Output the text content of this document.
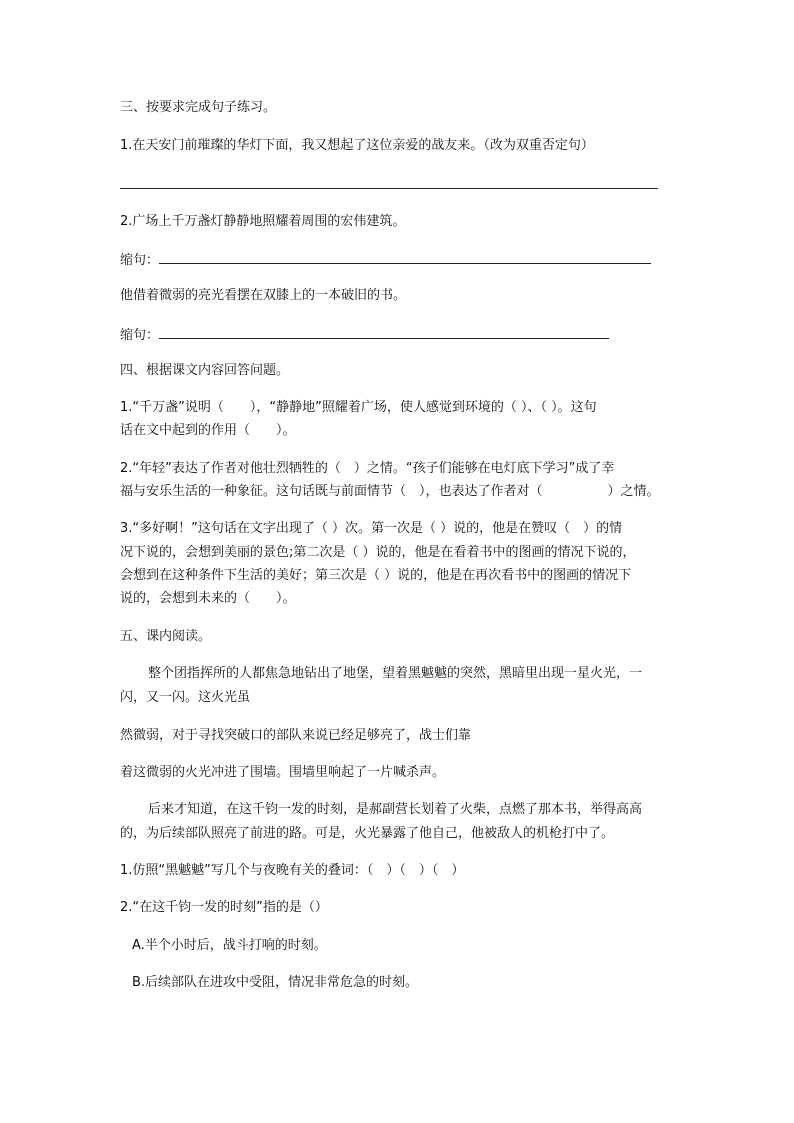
三、按要求完成句子练习。
1.在天安门前璀璨的华灯下面，我又想起了这位亲爱的战友来。（改为双重否定句）
2.广场上千万盏灯静静地照耀着周围的宏伟建筑。
缩句：
他借着微弱的亮光看摆在双膝上的一本破旧的书。
缩句：
四、根据课文内容回答问题。
1.“千万盏”说明（　　），“静静地”照耀着广场，使人感觉到环境的（ ）、（ ）。这句
话在文中起到的作用（　　）。
2.“年轻”表达了作者对他壮烈牺牲的（　）之情。“孩子们能够在电灯底下学习”成了幸
福与安乐生活的一种象征。这句话既与前面情节（　），也表达了作者对（　　　　　）之情。
3.“多好啊！”这句话在文字出现了（ ）次。第一次是（ ）说的，他是在赞叹（　）的情
况下说的，会想到美丽的景色;第二次是（ ）说的，他是在看着书中的图画的情况下说的，
会想到在这种条件下生活的美好；第三次是（ ）说的，他是在再次看书中的图画的情况下
说的，会想到未来的（　　）。
五、课内阅读。
整个团指挥所的人都焦急地钻出了地堡，望着黑魆魆的突然，黑暗里出现一星火光，一
闪，又一闪。这火光虽
然微弱，对于寻找突破口的部队来说已经足够亮了，战士们靠
着这微弱的火光冲进了围墙。围墙里响起了一片喊杀声。
后来才知道，在这千钧一发的时刻，是郝副营长划着了火柴，点燃了那本书，举得高高
的，为后续部队照亮了前进的路。可是，火光暴露了他自己，他被敌人的机枪打中了。
1.仿照“黑魆魆”写几个与夜晚有关的叠词：（　）（　）（　）
2.“在这千钧一发的时刻”指的是（）
A.半个小时后，战斗打响的时刻。
B.后续部队在进攻中受阻，情况非常危急的时刻。
